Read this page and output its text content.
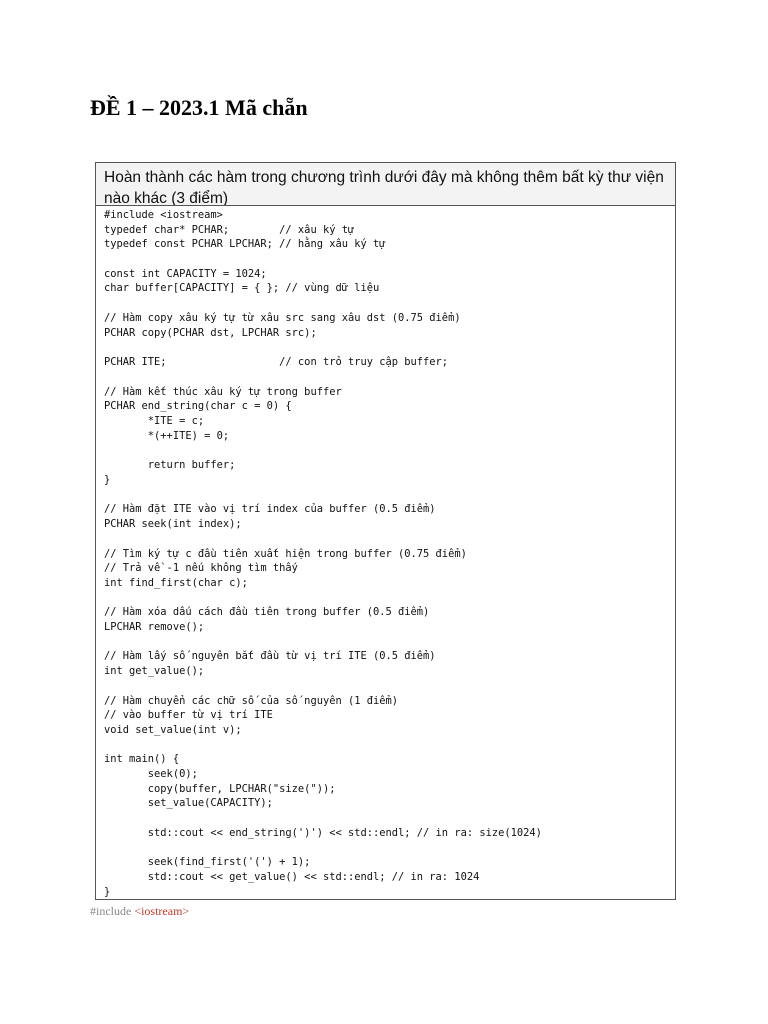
ĐỀ 1 – 2023.1 Mã chẵn
Hoàn thành các hàm trong chương trình dưới đây mà không thêm bất kỳ thư viện nào khác (3 điểm)
#include <iostream>
typedef char* PCHAR;        // xâu ký tự
typedef const PCHAR LPCHAR; // hằng xâu ký tự
const int CAPACITY = 1024;
char buffer[CAPACITY] = { }; // vùng dữ liệu
// Hàm copy xâu ký tự từ xâu src sang xâu dst (0.75 điểm)
PCHAR copy(PCHAR dst, LPCHAR src);
PCHAR ITE;                  // con trỏ truy cập buffer;
// Hàm kết thúc xâu ký tự trong buffer
PCHAR end_string(char c = 0) {
*ITE = c;
*(++ITE) = 0;
return buffer;
}
// Hàm đặt ITE vào vị trí index của buffer (0.5 điểm)
PCHAR seek(int index);
// Tìm ký tự c đầu tiên xuất hiện trong buffer (0.75 điểm)
// Trả về -1 nếu không tìm thấy
int find_first(char c);
// Hàm xóa dấu cách đầu tiên trong buffer (0.5 điểm)
LPCHAR remove();
// Hàm lấy số nguyên bắt đầu từ vị trí ITE (0.5 điểm)
int get_value();
// Hàm chuyển các chữ số của số nguyên (1 điểm)
// vào buffer từ vị trí ITE
void set_value(int v);
int main() {
seek(0);
copy(buffer, LPCHAR("size("));
set_value(CAPACITY);
std::cout << end_string(')') << std::endl; // in ra: size(1024)
seek(find_first('(') + 1);
std::cout << get_value() << std::endl; // in ra: 1024
}
#include <iostream>
